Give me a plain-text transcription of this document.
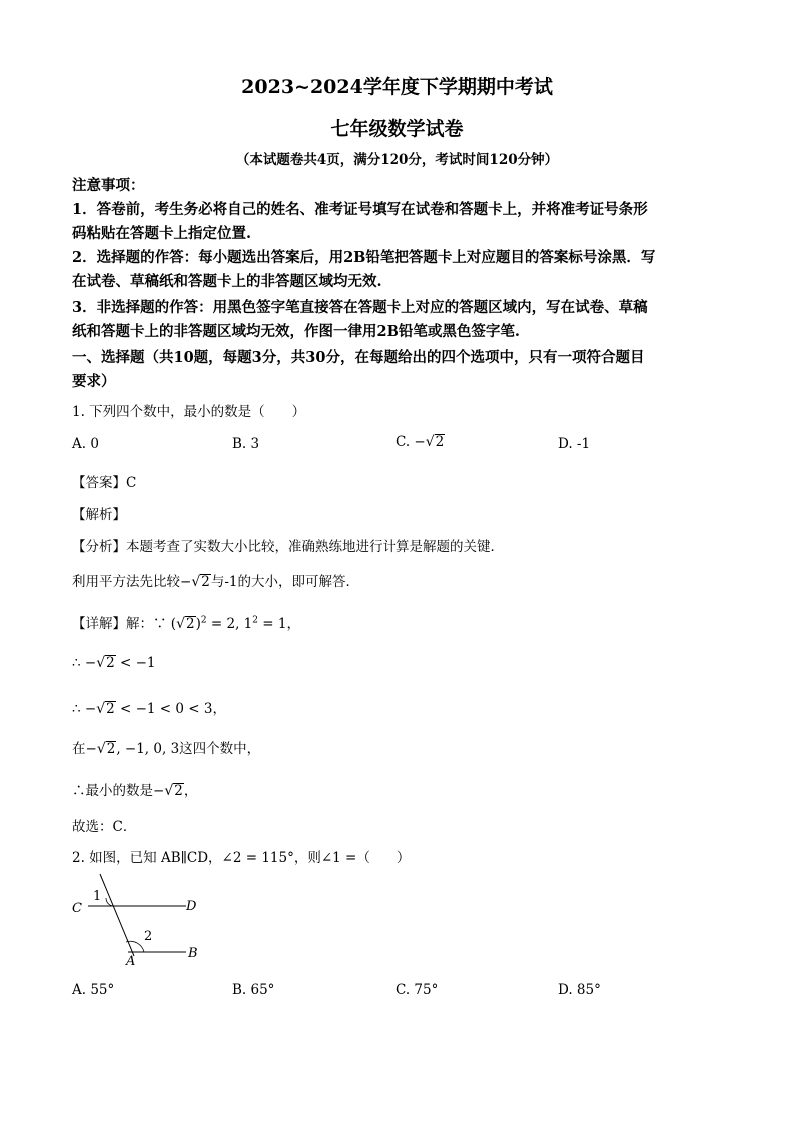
2023~2024学年度下学期期中考试
七年级数学试卷
（本试题卷共4页，满分120分，考试时间120分钟）
注意事项：
1．答卷前，考生务必将自己的姓名、准考证号填写在试卷和答题卡上，并将准考证号条形
码粘贴在答题卡上指定位置.
2．选择题的作答：每小题选出答案后，用2B铅笔把答题卡上对应题目的答案标号涂黑．写
在试卷、草稿纸和答题卡上的非答题区域均无效.
3．非选择题的作答：用黑色签字笔直接答在答题卡上对应的答题区域内，写在试卷、草稿
纸和答题卡上的非答题区域均无效，作图一律用2B铅笔或黑色签字笔.
一、选择题（共10题，每题3分，共30分，在每题给出的四个选项中，只有一项符合题目
要求）
1. 下列四个数中，最小的数是（　　）
A. 0	B. 3	C. −√2	D. -1
【答案】C
【解析】
【分析】本题考查了实数大小比较，准确熟练地进行计算是解题的关键．
利用平方法先比较−√2与-1的大小，即可解答．
【详解】解：∵ $(√2)^2 = 2$, $1^2 = 1$，
∴ −√2 < −1
∴ −√2 < −1 < 0 < 3，
在−√2, −1, 0, 3这四个数中，
∴最小的数是−√2，
故选：C．
2. 如图，已知 AB∥CD，∠2 = 115°，则∠1 =（　　）
1
2
C	D
A
B
A. 55°	B. 65°	C. 75°	D. 85°
